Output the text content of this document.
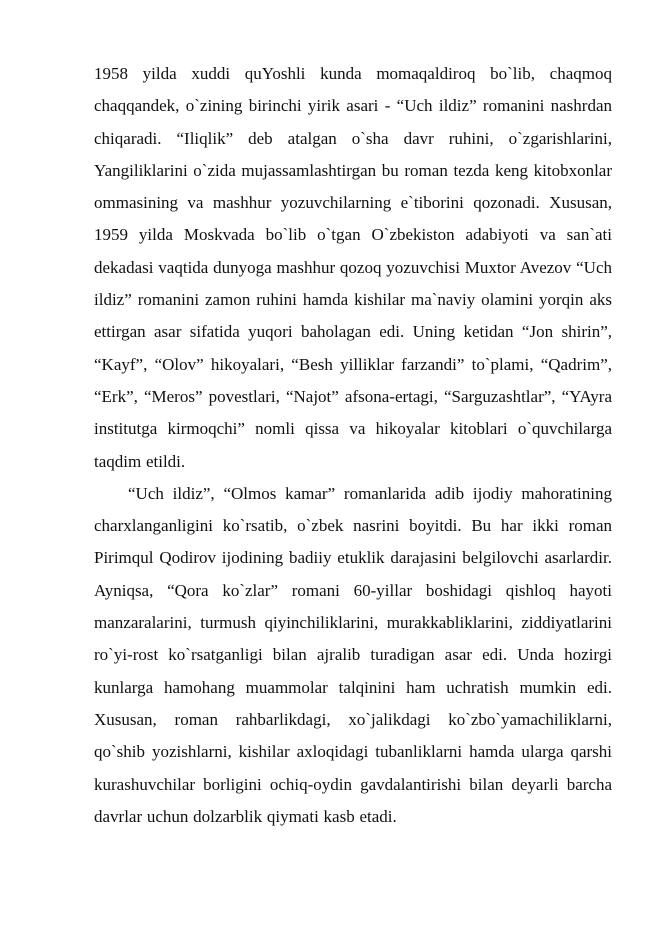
1958 yilda xuddi quYoshli kunda momaqaldiroq bo`lib, chaqmoq chaqqandek, o`zining birinchi yirik asari - “Uch ildiz” romanini nashrdan chiqaradi. “Iliqlik” deb atalgan o`sha davr ruhini, o`zgarishlarini, Yangiliklarini o`zida mujassamlashtirgan bu roman tezda keng kitobxonlar ommasining va mashhur yozuvchilarning e`tiborini qozonadi. Xususan, 1959 yilda Moskvada bo`lib o`tgan O`zbekiston adabiyoti va san`ati dekadasi vaqtida dunyoga mashhur qozoq yozuvchisi Muxtor Avezov “Uch ildiz” romanini zamon ruhini hamda kishilar ma`naviy olamini yorqin aks ettirgan asar sifatida yuqori baholagan edi. Uning ketidan “Jon shirin”, “Kayf”, “Olov” hikoyalari, “Besh yilliklar farzandi” to`plami, “Qadrim”, “Erk”, “Meros” povestlari, “Najot” afsona-ertagi, “Sarguzashtlar”, “YAyra institutga kirmoqchi” nomli qissa va hikoyalar kitoblari o`quvchilarga taqdim etildi.

“Uch ildiz”, “Olmos kamar” romanlarida adib ijodiy mahoratining charxlanganligini ko`rsatib, o`zbek nasrini boyitdi. Bu har ikki roman Pirimqul Qodirov ijodining badiiy etuklik darajasini belgilovchi asarlardir. Ayniqsa, “Qora ko`zlar” romani 60-yillar boshidagi qishloq hayoti manzaralarini, turmush qiyinchiliklarini, murakkabliklarini, ziddiyatlarini ro`yi-rost ko`rsatganligi bilan ajralib turadigan asar edi. Unda hozirgi kunlarga hamohang muammolar talqinini ham uchratish mumkin edi. Xususan, roman rahbarlikdagi, xo`jalikdagi ko`zbo`yamachiliklarni, qo`shib yozishlarni, kishilar axloqidagi tubanliklarni hamda ularga qarshi kurashuvchilar borligini ochiq-oydin gavdalantirishi bilan deyarli barcha davrlar uchun dolzarblik qiymati kasb etadi.
